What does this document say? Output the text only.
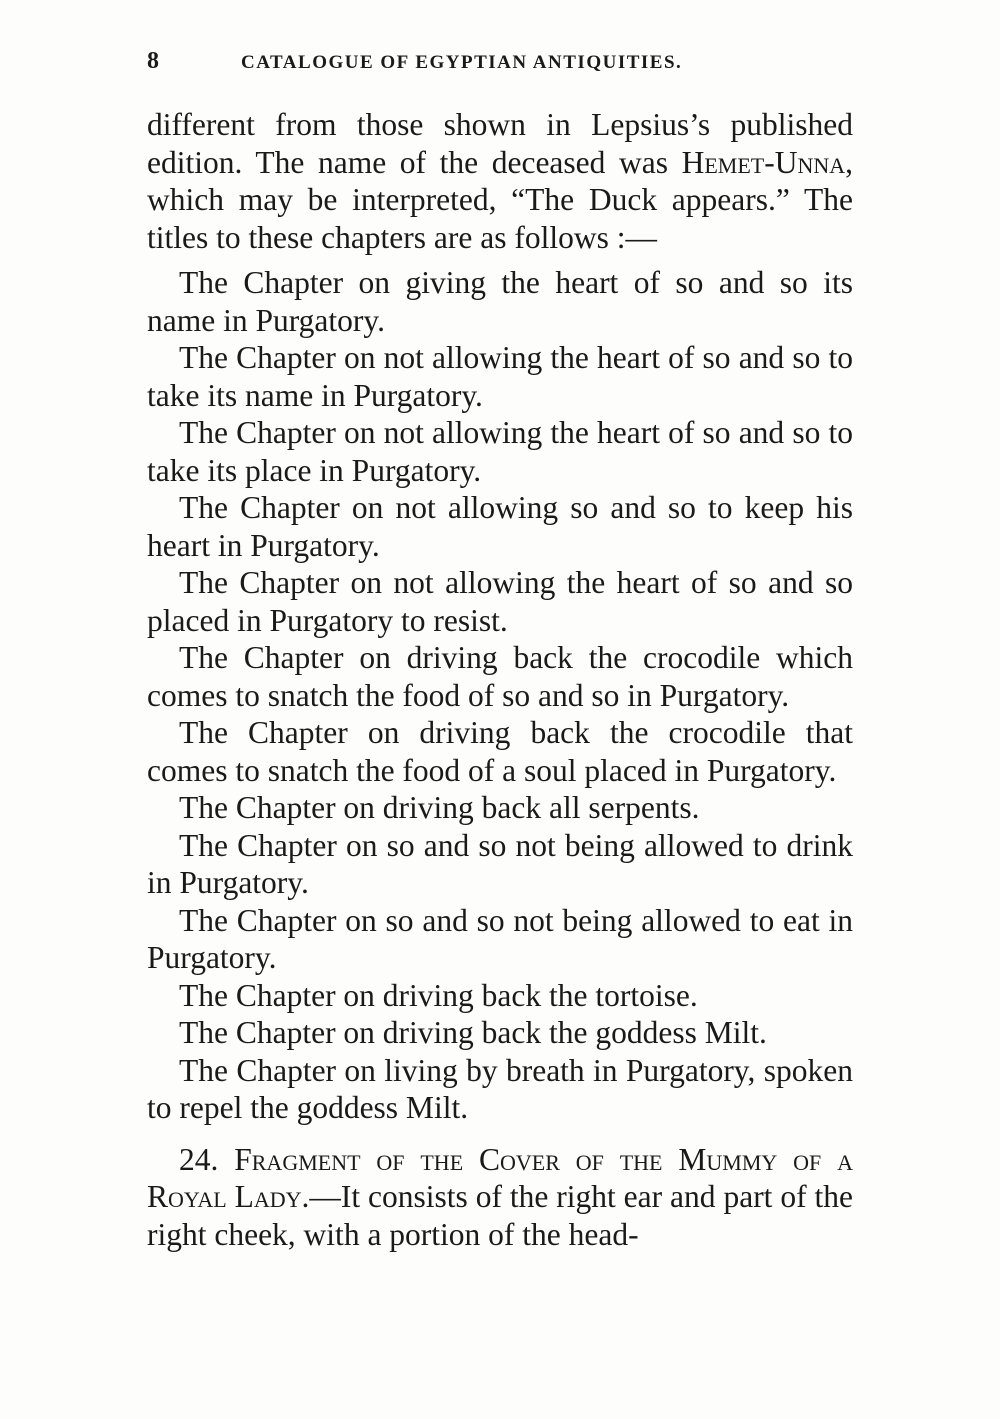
8	CATALOGUE OF EGYPTIAN ANTIQUITIES.

different from those shown in Lepsius’s published edition. The name of the deceased was Hemet-Unna, which may be interpreted, “The Duck appears.” The titles to these chapters are as follows :—

The Chapter on giving the heart of so and so its name in Purgatory.

The Chapter on not allowing the heart of so and so to take its name in Purgatory.

The Chapter on not allowing the heart of so and so to take its place in Purgatory.

The Chapter on not allowing so and so to keep his heart in Purgatory.

The Chapter on not allowing the heart of so and so placed in Purgatory to resist.

The Chapter on driving back the crocodile which comes to snatch the food of so and so in Purgatory.

The Chapter on driving back the crocodile that comes to snatch the food of a soul placed in Purgatory.

The Chapter on driving back all serpents.

The Chapter on so and so not being allowed to drink in Purgatory.

The Chapter on so and so not being allowed to eat in Purgatory.

The Chapter on driving back the tortoise.

The Chapter on driving back the goddess Milt.

The Chapter on living by breath in Purgatory, spoken to repel the goddess Milt.

24. Fragment of the Cover of the Mummy of a Royal Lady.—It consists of the right ear and part of the right cheek, with a portion of the head-
